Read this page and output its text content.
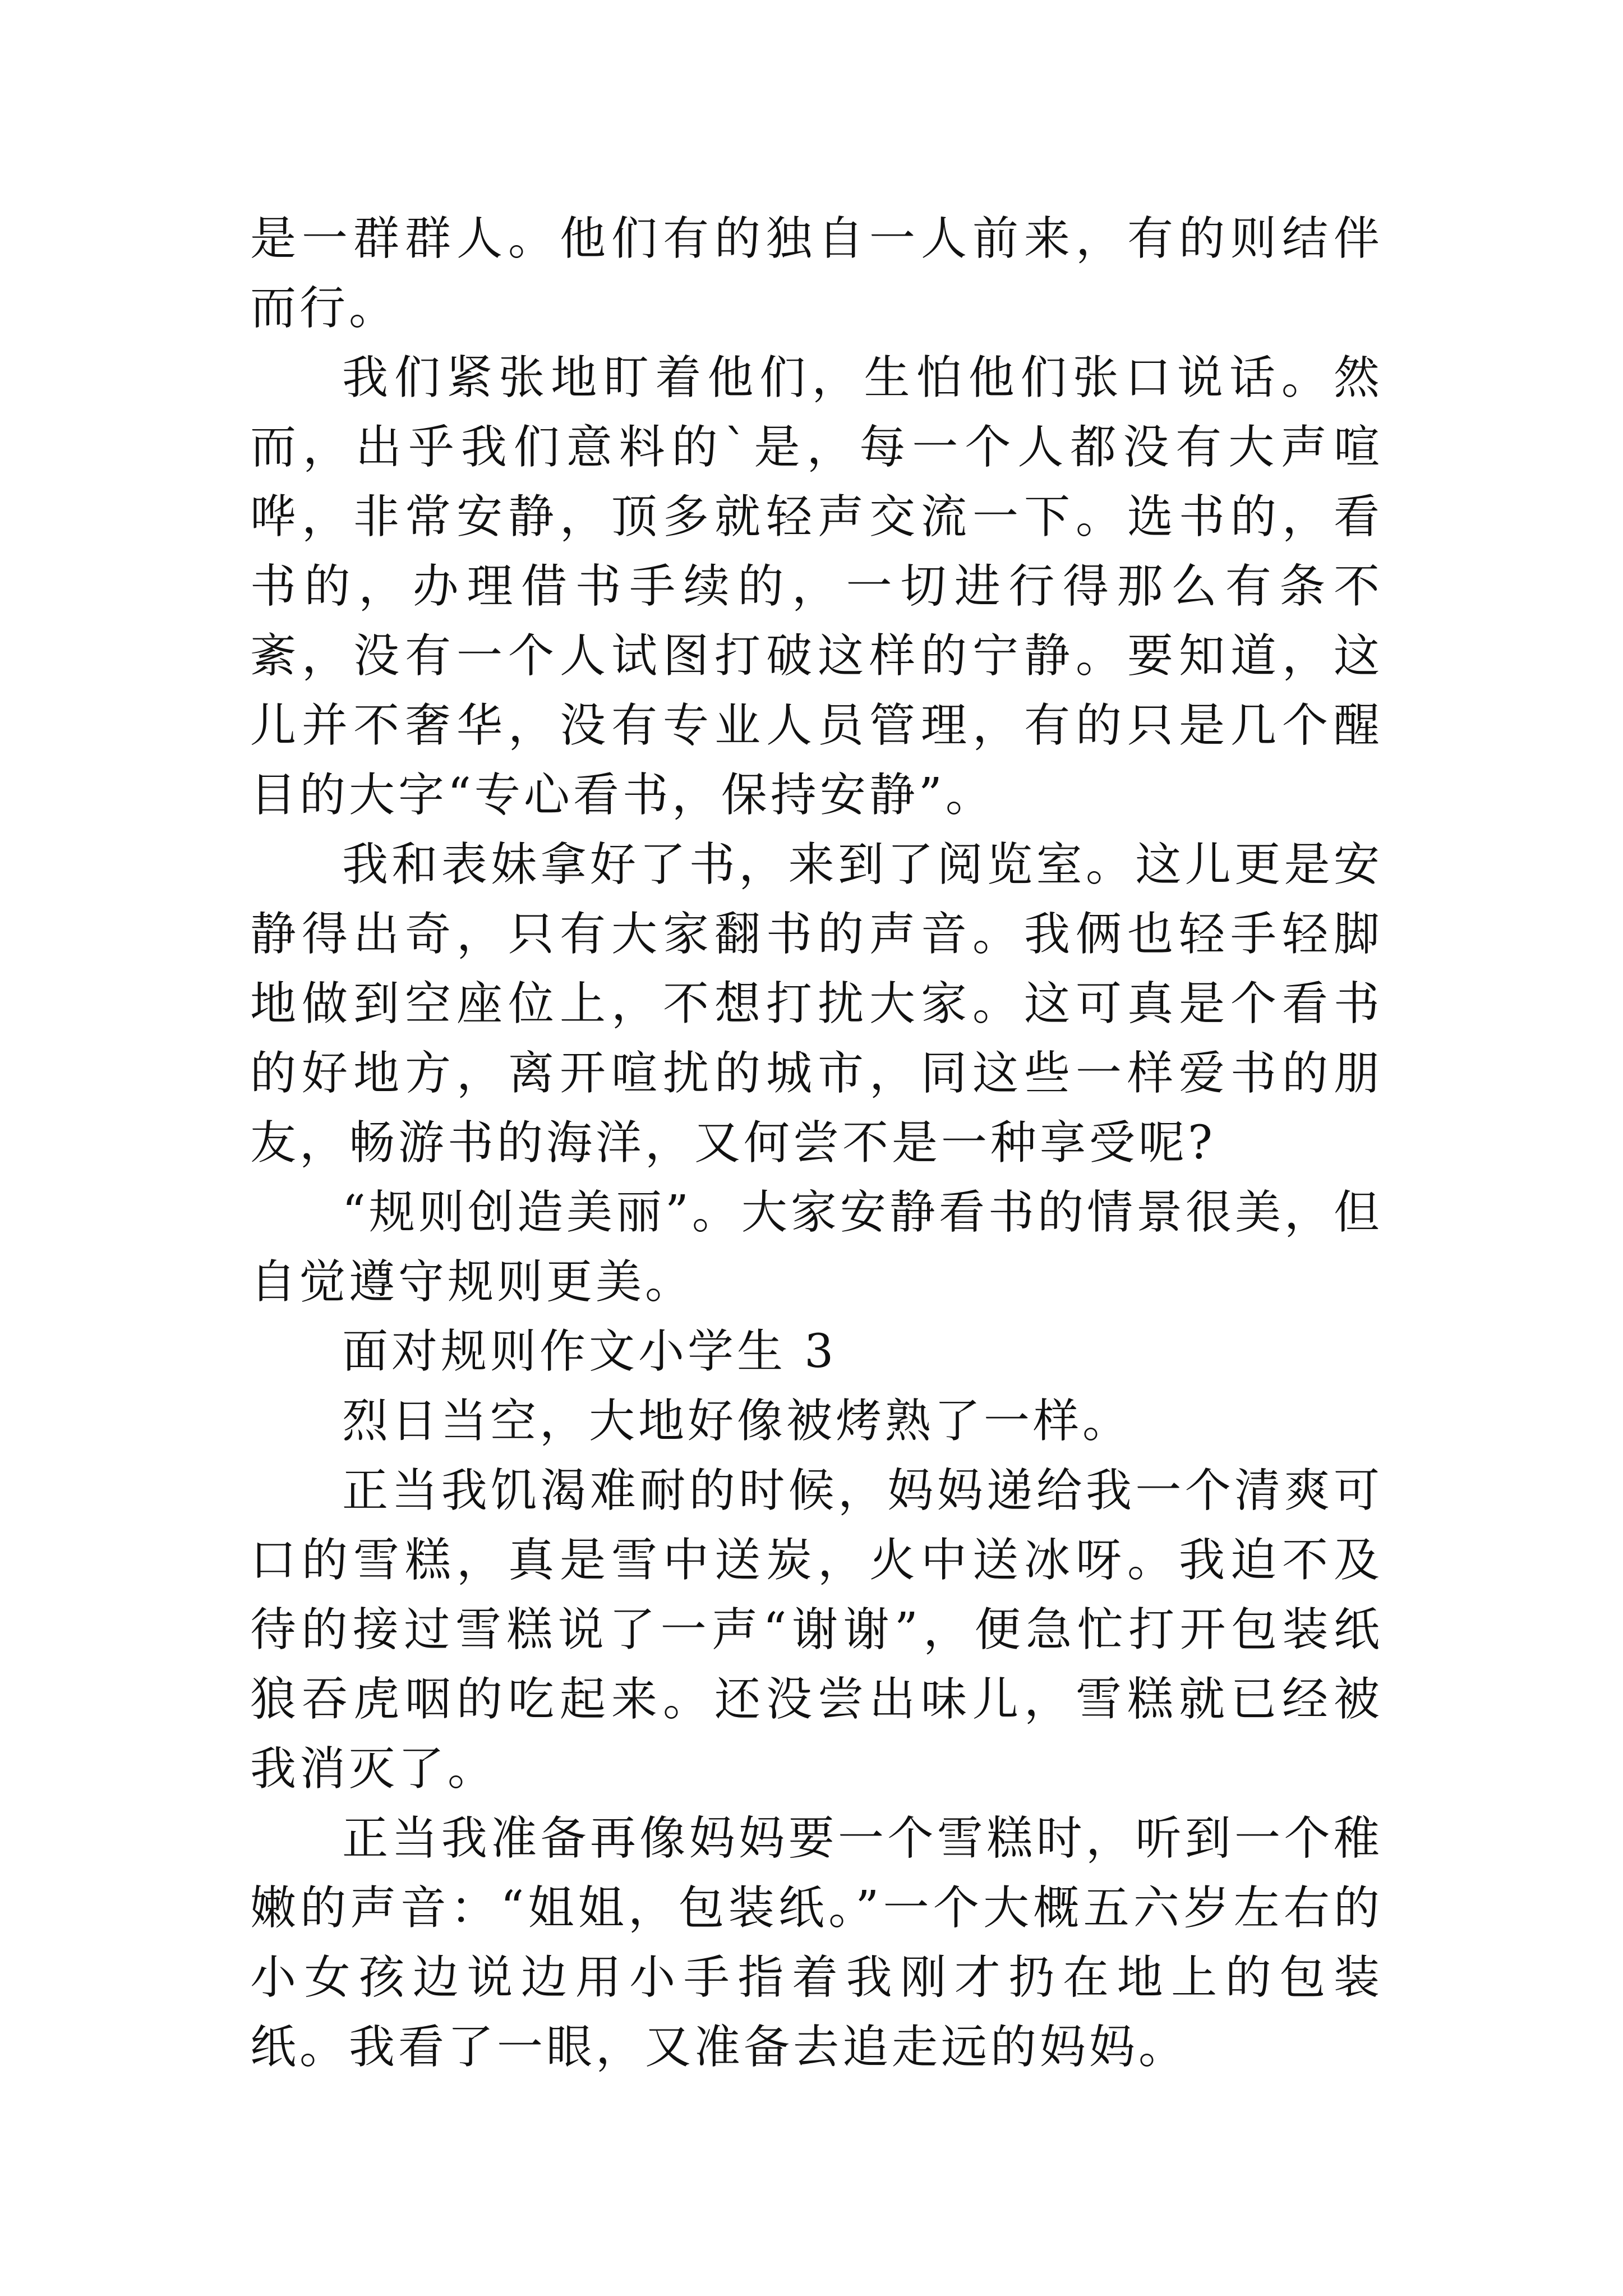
是一群群人。他们有的独自一人前来，有的则结伴而行。

我们紧张地盯着他们，生怕他们张口说话。然而，出乎我们意料的`是，每一个人都没有大声喧哗，非常安静，顶多就轻声交流一下。选书的，看书的，办理借书手续的，一切进行得那么有条不紊，没有一个人试图打破这样的宁静。要知道，这儿并不奢华，没有专业人员管理，有的只是几个醒目的大字“专心看书，保持安静”。

我和表妹拿好了书，来到了阅览室。这儿更是安静得出奇，只有大家翻书的声音。我俩也轻手轻脚地做到空座位上，不想打扰大家。这可真是个看书的好地方，离开喧扰的城市，同这些一样爱书的朋友，畅游书的海洋，又何尝不是一种享受呢?

“规则创造美丽”。大家安静看书的情景很美，但自觉遵守规则更美。

面对规则作文小学生 3

烈日当空，大地好像被烤熟了一样。

正当我饥渴难耐的时候，妈妈递给我一个清爽可口的雪糕，真是雪中送炭，火中送冰呀。我迫不及待的接过雪糕说了一声“谢谢”，便急忙打开包装纸狼吞虎咽的吃起来。还没尝出味儿，雪糕就已经被我消灭了。

正当我准备再像妈妈要一个雪糕时，听到一个稚嫩的声音：“姐姐，包装纸。”一个大概五六岁左右的小女孩边说边用小手指着我刚才扔在地上的包装纸。我看了一眼，又准备去追走远的妈妈。
